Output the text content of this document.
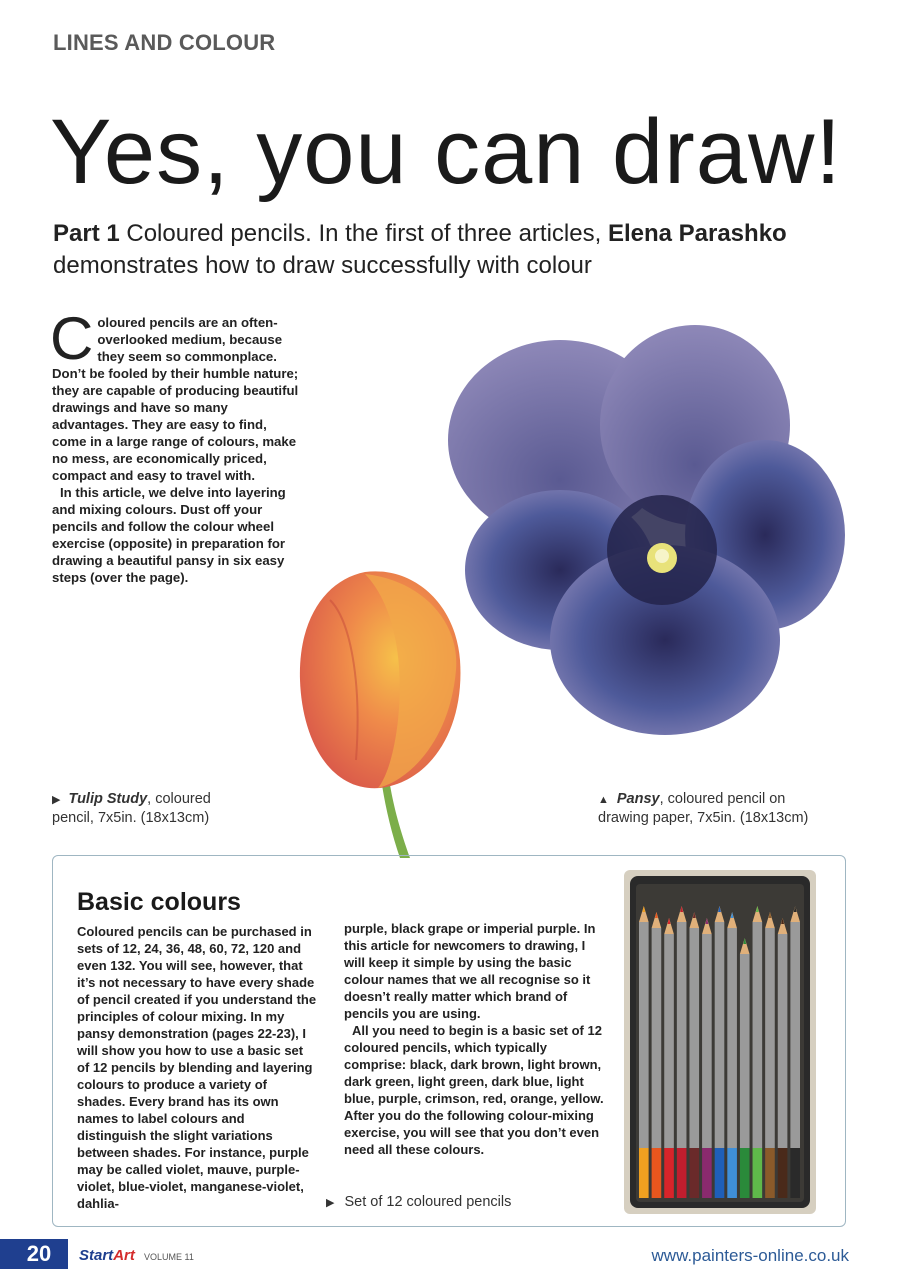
LINES AND COLOUR
Yes, you can draw!
Part 1 Coloured pencils. In the first of three articles, Elena Parashko demonstrates how to draw successfully with colour

Coloured pencils are an often-overlooked medium, because they seem so commonplace. Don’t be fooled by their humble nature; they are capable of producing beautiful drawings and have so many advantages. They are easy to find, come in a large range of colours, make no mess, are economically priced, compact and easy to travel with.

In this article, we delve into layering and mixing colours. Dust off your pencils and follow the colour wheel exercise (opposite) in preparation for drawing a beautiful pansy in six easy steps (over the page).

▶ Tulip Study, coloured pencil, 7x5in. (18x13cm)
▲ Pansy, coloured pencil on drawing paper, 7x5in. (18x13cm)
Basic colours
Coloured pencils can be purchased in sets of 12, 24, 36, 48, 60, 72, 120 and even 132. You will see, however, that it’s not necessary to have every shade of pencil created if you understand the principles of colour mixing. In my pansy demonstration (pages 22-23), I will show you how to use a basic set of 12 pencils by blending and layering colours to produce a variety of shades. Every brand has its own names to label colours and distinguish the slight variations between shades. For instance, purple may be called violet, mauve, purple-violet, blue-violet, manganese-violet, dahlia-

purple, black grape or imperial purple. In this article for newcomers to drawing, I will keep it simple by using the basic colour names that we all recognise so it doesn’t really matter which brand of pencils you are using.

All you need to begin is a basic set of 12 coloured pencils, which typically comprise: black, dark brown, light brown, dark green, light green, dark blue, light blue, purple, crimson, red, orange, yellow. After you do the following colour-mixing exercise, you will see that you don’t even need all these colours.

▶ Set of 12 coloured pencils
20	StartArt VOLUME 11	www.painters-online.co.uk
